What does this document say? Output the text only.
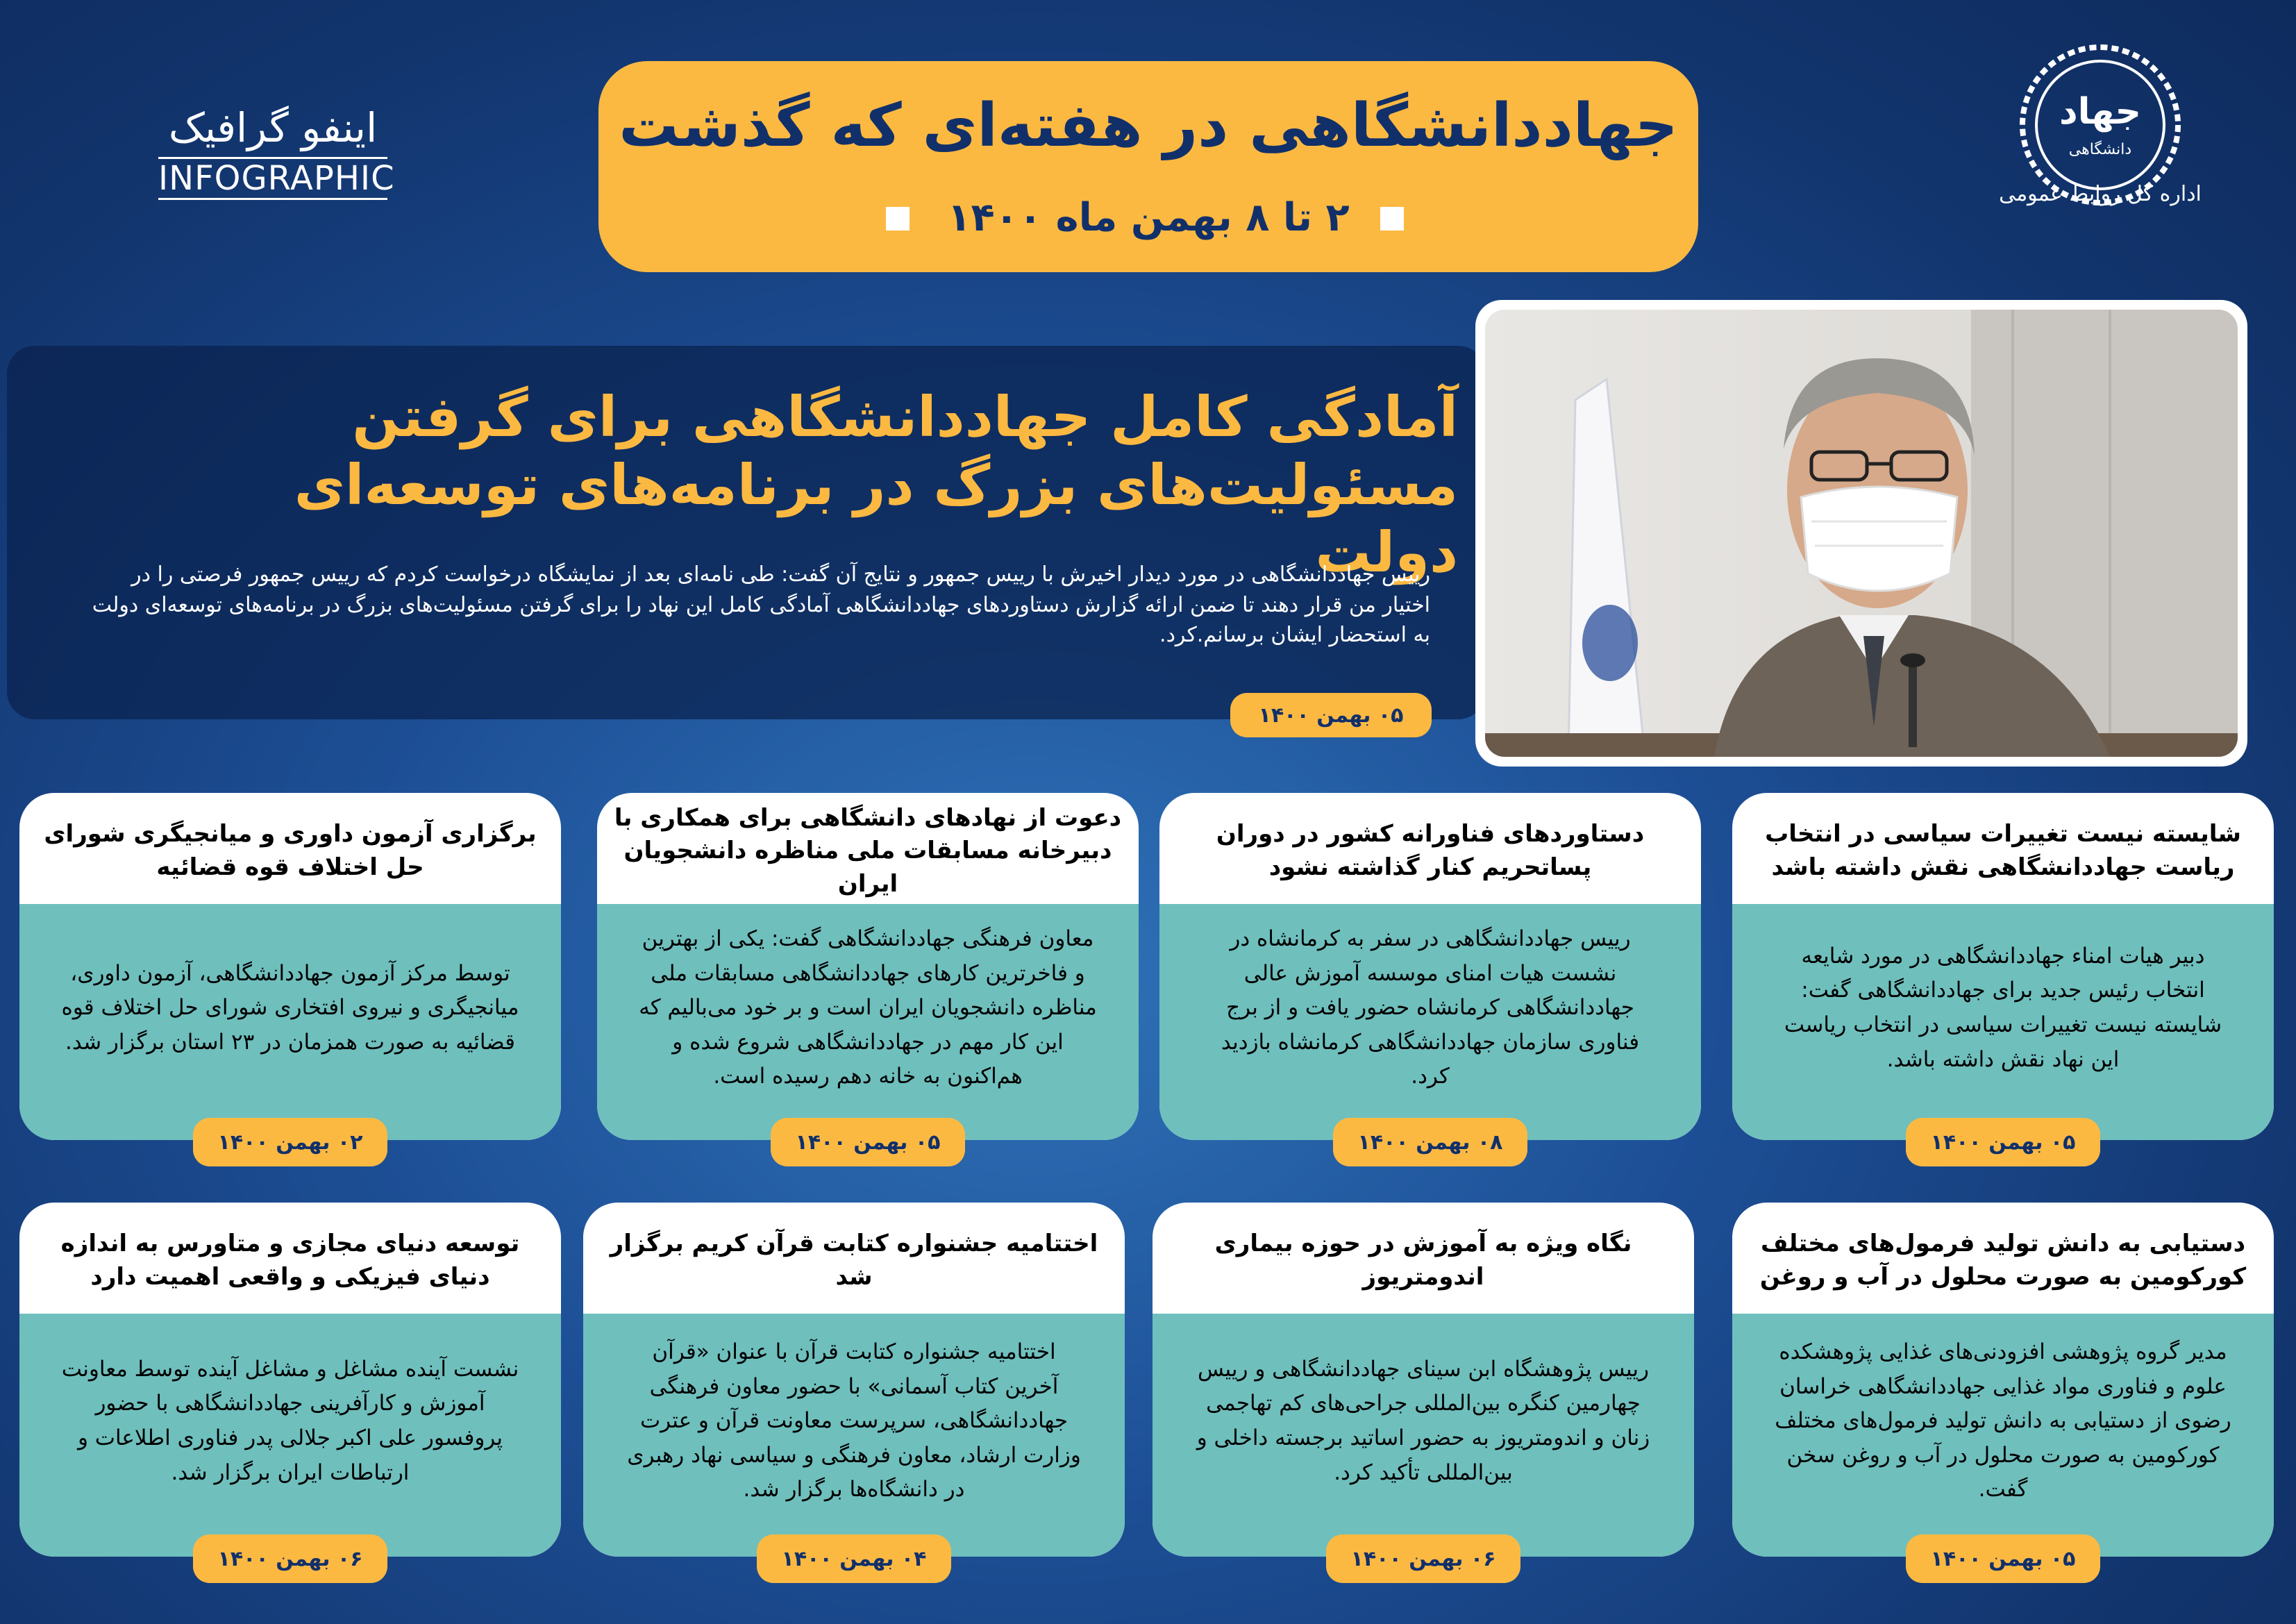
جهاددانشگاهی در هفته‌ای که گذشت
۲ تا ۸ بهمن ماه ۱۴۰۰
اینفو گرافیک
INFOGRAPHIC
جهاد
دانشگاهی
اداره کل روابط عمومی
آمادگی کامل جهاددانشگاهی برای گرفتن
مسئولیت‌های بزرگ در برنامه‌های توسعه‌ای دولت
رییس جهاددانشگاهی در مورد دیدار اخیرش با رییس جمهور و نتایج آن گفت: طی نامه‌ای بعد از نمایشگاه درخواست کردم که رییس جمهور فرصتی را در اختیار من قرار دهند تا ضمن ارائه گزارش دستاوردهای جهاددانشگاهی آمادگی کامل این نهاد را برای گرفتن مسئولیت‌های بزرگ در برنامه‌های توسعه‌ای دولت به استحضار ایشان برسانم.کرد.
۰۵ بهمن ۱۴۰۰
شایسته نیست تغییرات سیاسی در انتخاب ریاست جهاددانشگاهی نقش داشته باشد
دبیر هیات امناء جهاددانشگاهی در مورد شایعه انتخاب رئیس جدید برای جهاددانشگاهی گفت: شایسته نیست تغییرات سیاسی در انتخاب ریاست این نهاد نقش داشته باشد.
۰۵ بهمن ۱۴۰۰
دستاوردهای فناورانه کشور در دوران پساتحریم کنار گذاشته نشود
رییس جهاددانشگاهی در سفر به کرمانشاه در نشست هیات امنای موسسه آموزش عالی جهاددانشگاهی کرمانشاه حضور یافت و از برج فناوری سازمان جهاددانشگاهی کرمانشاه بازدید کرد.
۰۸ بهمن ۱۴۰۰
دعوت از نهادهای دانشگاهی برای همکاری با دبیرخانه مسابقات ملی مناظره دانشجویان ایران
معاون فرهنگی جهاددانشگاهی گفت: یکی از بهترین و فاخرترین کارهای جهاددانشگاهی مسابقات ملی مناظره دانشجویان ایران است و بر خود می‌بالیم که این کار مهم در جهاددانشگاهی شروع شده و هم‌اکنون به خانه دهم رسیده است.
۰۵ بهمن ۱۴۰۰
برگزاری آزمون داوری و میانجیگری شورای حل اختلاف قوه قضائیه
توسط مرکز آزمون جهاددانشگاهی، آزمون داوری، میانجیگری و نیروی افتخاری شورای حل اختلاف قوه قضائیه به صورت همزمان در ۲۳ استان برگزار شد.
۰۲ بهمن ۱۴۰۰
دستیابی به دانش تولید فرمول‌های مختلف کورکومین به صورت محلول در آب و روغن
مدیر گروه پژوهشی افزودنی‌های غذایی پژوهشکده علوم و فناوری مواد غذایی جهاددانشگاهی خراسان رضوی از دستیابی به دانش تولید فرمول‌های مختلف کورکومین به صورت محلول در آب و روغن سخن گفت.
۰۵ بهمن ۱۴۰۰
نگاه ویژه به آموزش در حوزه بیماری اندومتریوز
رییس پژوهشگاه ابن سینای جهاددانشگاهی و رییس چهارمین کنگره بین‌المللی جراحی‌های کم تهاجمی زنان و اندومتریوز به حضور اساتید برجسته داخلی و بین‌المللی تأکید کرد.
۰۶ بهمن ۱۴۰۰
اختتامیه جشنواره کتابت قرآن کریم برگزار شد
اختتامیه جشنواره کتابت قرآن با عنوان «قرآن آخرین کتاب آسمانی» با حضور معاون فرهنگی جهاددانشگاهی، سرپرست معاونت قرآن و عترت وزارت ارشاد، معاون فرهنگی و سیاسی نهاد رهبری در دانشگاه‌ها برگزار شد.
۰۴ بهمن ۱۴۰۰
توسعه دنیای مجازی و متاورس به اندازه دنیای فیزیکی و واقعی اهمیت دارد
نشست آینده مشاغل و مشاغل آینده توسط معاونت آموزش و کارآفرینی جهاددانشگاهی با حضور پروفسور علی اکبر جلالی پدر فناوری اطلاعات و ارتباطات ایران برگزار شد.
۰۶ بهمن ۱۴۰۰
